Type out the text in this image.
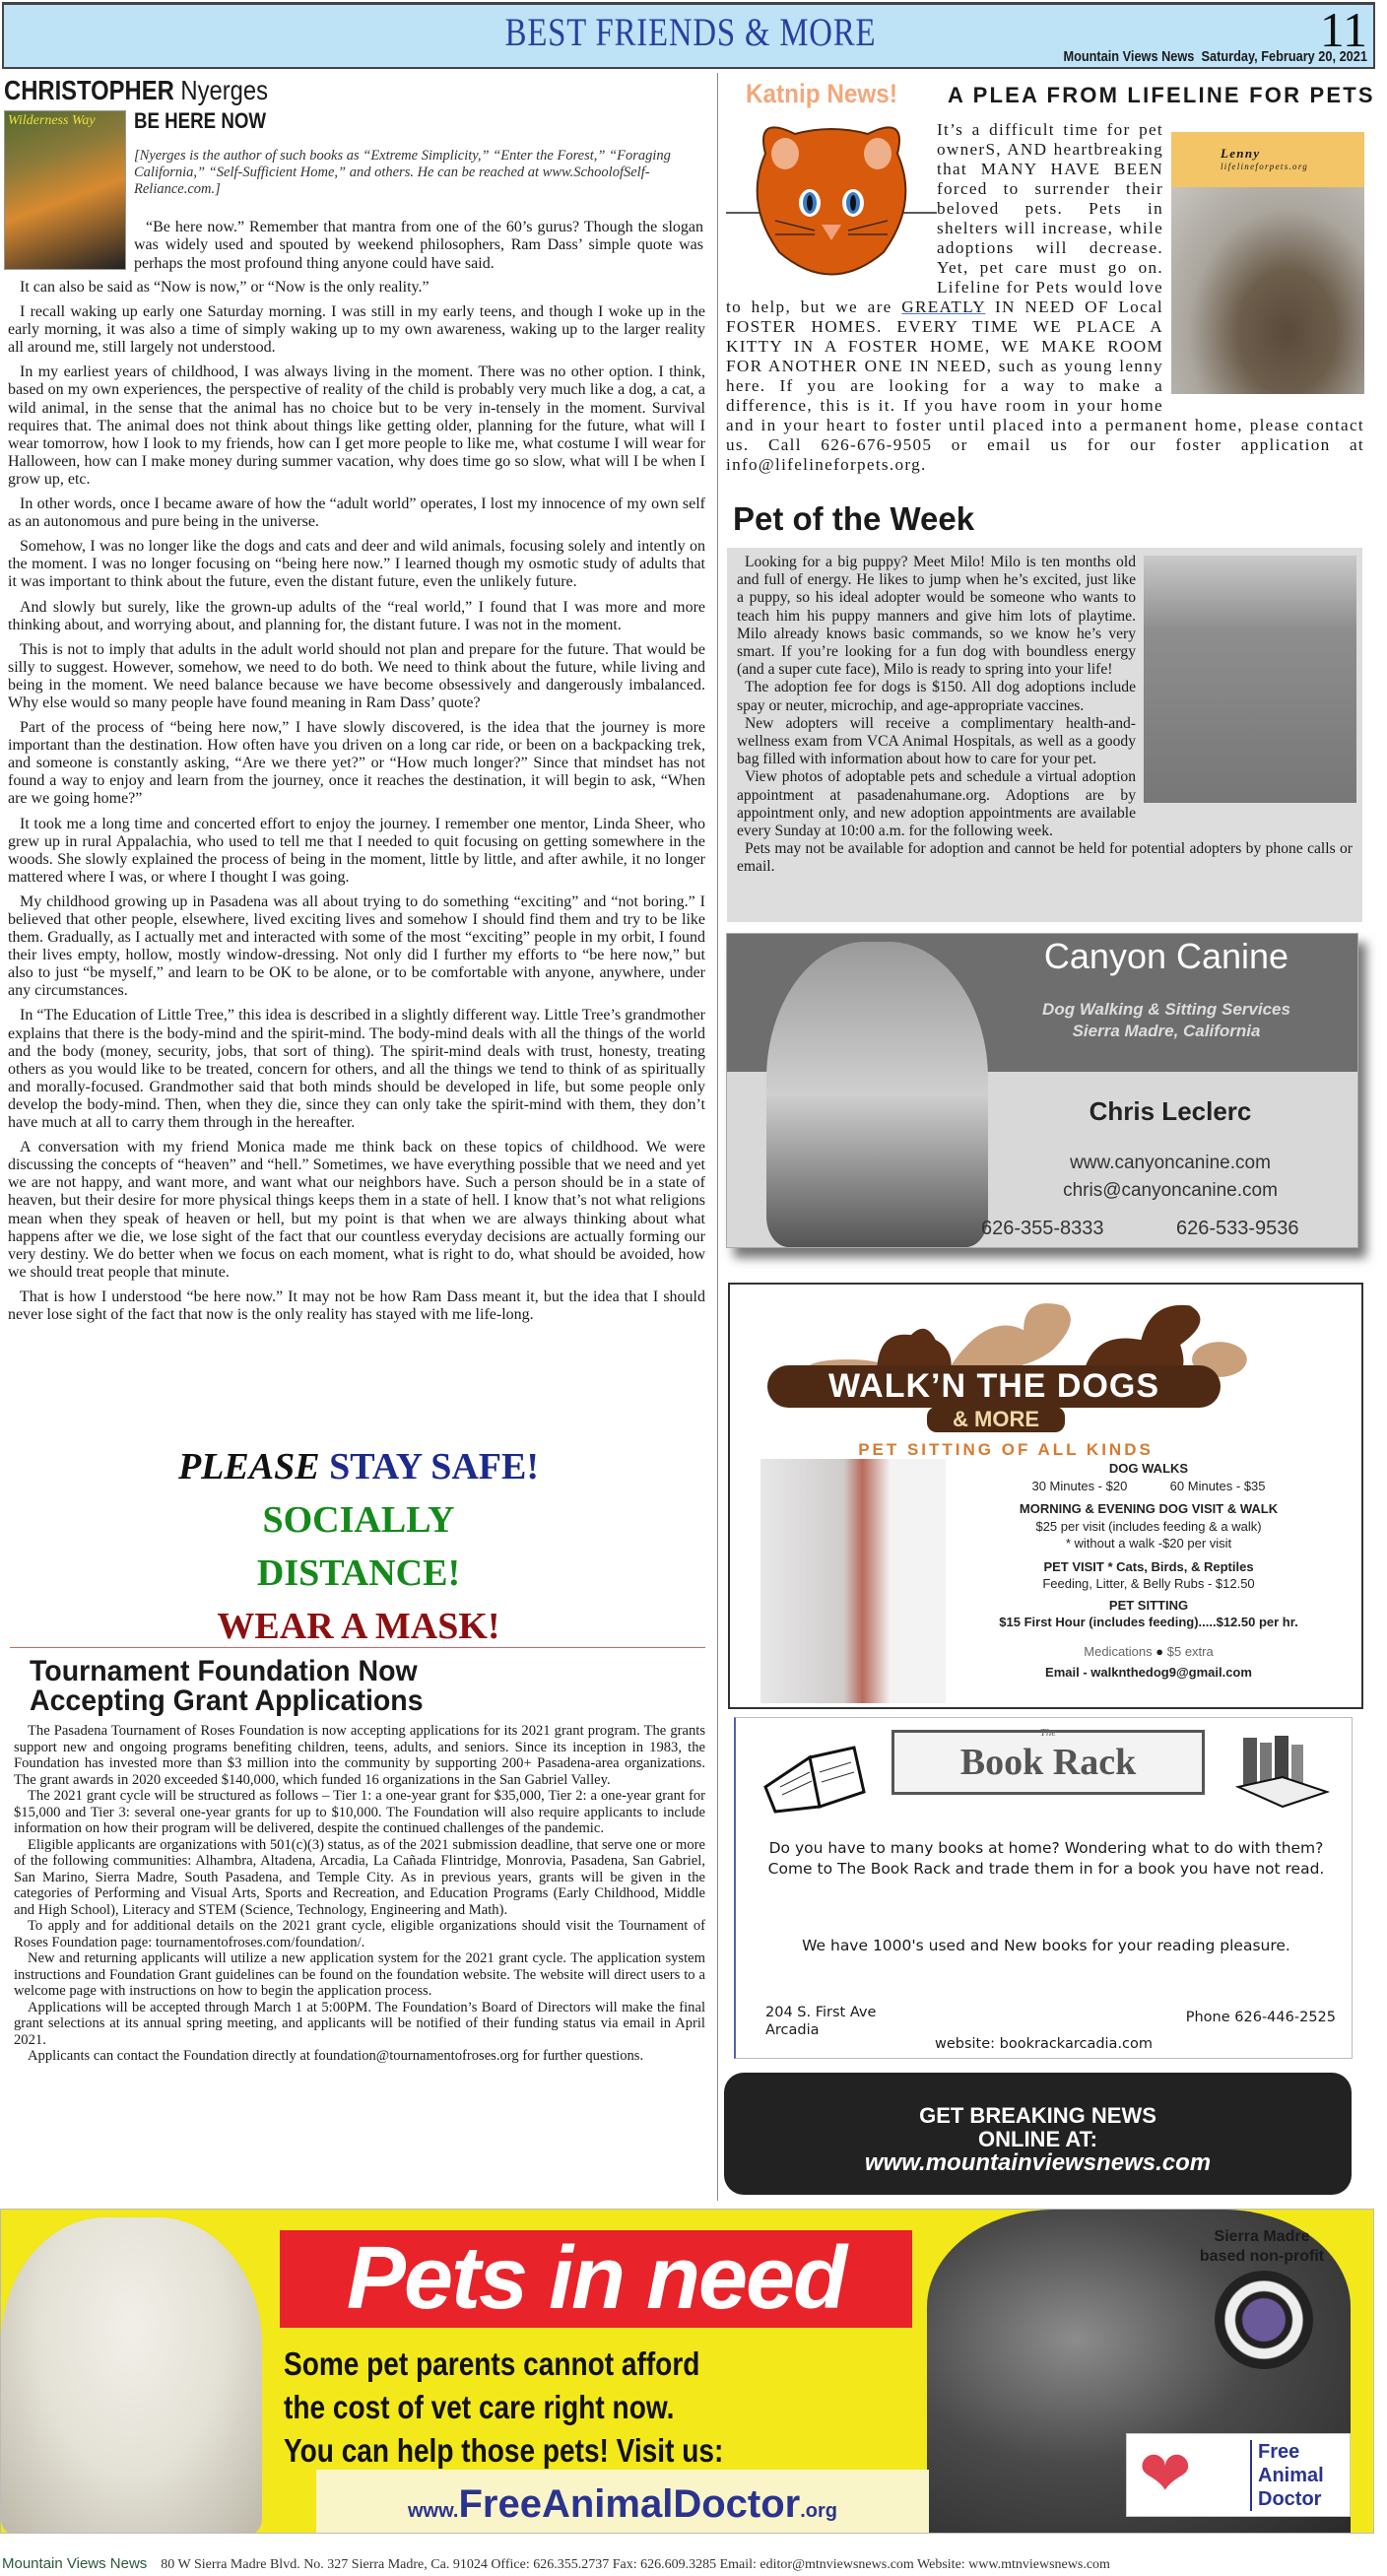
BEST FRIENDS & MORE	11
Mountain Views News Saturday, February 20, 2021
CHRISTOPHER Nyerges
Wilderness Way BE HERE NOW
[Nyerges is the author of such books as “Extreme Simplicity,” “Enter the Forest,” “Foraging California,” “Self-Sufficient Home,” and others. He can be reached at www.SchoolofSelf-Reliance.com.]
“Be here now.” Remember that mantra from one of the 60’s gurus? Though the slogan was widely used and spouted by weekend philosophers, Ram Dass’ simple quote was perhaps the most profound thing anyone could have said.

It can also be said as “Now is now,” or “Now is the only reality.”

I recall waking up early one Saturday morning. I was still in my early teens, and though I woke up in the early morning, it was also a time of simply waking up to my own awareness, waking up to the larger reality all around me, still largely not understood.

In my earliest years of childhood, I was always living in the moment. There was no other option. I think, based on my own experiences, the perspective of reality of the child is probably very much like a dog, a cat, a wild animal, in the sense that the animal has no choice but to be very in-tensely in the moment. Survival requires that. The animal does not think about things like getting older, planning for the future, what will I wear tomorrow, how I look to my friends, how can I get more people to like me, what costume I will wear for Halloween, how can I make money during summer vacation, why does time go so slow, what will I be when I grow up, etc.

In other words, once I became aware of how the “adult world” operates, I lost my innocence of my own self as an autonomous and pure being in the universe.

Somehow, I was no longer like the dogs and cats and deer and wild animals, focusing solely and intently on the moment. I was no longer focusing on “being here now.” I learned though my osmotic study of adults that it was important to think about the future, even the distant future, even the unlikely future.

And slowly but surely, like the grown-up adults of the “real world,” I found that I was more and more thinking about, and worrying about, and planning for, the distant future. I was not in the moment.

This is not to imply that adults in the adult world should not plan and prepare for the future. That would be silly to suggest. However, somehow, we need to do both. We need to think about the future, while living and being in the moment. We need balance because we have become obsessively and dangerously imbalanced. Why else would so many people have found meaning in Ram Dass’ quote?

Part of the process of “being here now,” I have slowly discovered, is the idea that the journey is more important than the destination. How often have you driven on a long car ride, or been on a backpacking trek, and someone is constantly asking, “Are we there yet?” or “How much longer?” Since that mindset has not found a way to enjoy and learn from the journey, once it reaches the destination, it will begin to ask, “When are we going home?”

It took me a long time and concerted effort to enjoy the journey. I remember one mentor, Linda Sheer, who grew up in rural Appalachia, who used to tell me that I needed to quit focusing on getting somewhere in the woods. She slowly explained the process of being in the moment, little by little, and after awhile, it no longer mattered where I was, or where I thought I was going.

My childhood growing up in Pasadena was all about trying to do something “exciting” and “not boring.” I believed that other people, elsewhere, lived exciting lives and somehow I should find them and try to be like them. Gradually, as I actually met and interacted with some of the most “exciting” people in my orbit, I found their lives empty, hollow, mostly window-dressing. Not only did I further my efforts to “be here now,” but also to just “be myself,” and learn to be OK to be alone, or to be comfortable with anyone, anywhere, under any circumstances.

In “The Education of Little Tree,” this idea is described in a slightly different way. Little Tree’s grandmother explains that there is the body-mind and the spirit-mind. The body-mind deals with all the things of the world and the body (money, security, jobs, that sort of thing). The spirit-mind deals with trust, honesty, treating others as you would like to be treated, concern for others, and all the things we tend to think of as spiritually and morally-focused. Grandmother said that both minds should be developed in life, but some people only develop the body-mind. Then, when they die, since they can only take the spirit-mind with them, they don’t have much at all to carry them through in the hereafter.

A conversation with my friend Monica made me think back on these topics of childhood. We were discussing the concepts of “heaven” and “hell.” Sometimes, we have everything possible that we need and yet we are not happy, and want more, and want what our neighbors have. Such a person should be in a state of heaven, but their desire for more physical things keeps them in a state of hell. I know that’s not what religions mean when they speak of heaven or hell, but my point is that when we are always thinking about what happens after we die, we lose sight of the fact that our countless everyday decisions are actually forming our very destiny. We do better when we focus on each moment, what is right to do, what should be avoided, how we should treat people that minute.

That is how I understood “be here now.” It may not be how Ram Dass meant it, but the idea that I should never lose sight of the fact that now is the only reality has stayed with me life-long.

PLEASE STAY SAFE!
SOCIALLY
DISTANCE!
WEAR A MASK!
Tournament Foundation Now
Accepting Grant Applications

The Pasadena Tournament of Roses Foundation is now accepting applications for its 2021 grant program. The grants support new and ongoing programs benefiting children, teens, adults, and seniors. Since its inception in 1983, the Foundation has invested more than $3 million into the community by supporting 200+ Pasadena-area organizations. The grant awards in 2020 exceeded $140,000, which funded 16 organizations in the San Gabriel Valley.

The 2021 grant cycle will be structured as follows – Tier 1: a one-year grant for $35,000, Tier 2: a one-year grant for $15,000 and Tier 3: several one-year grants for up to $10,000. The Foundation will also require applicants to include information on how their program will be delivered, despite the continued challenges of the pandemic.

Eligible applicants are organizations with 501(c)(3) status, as of the 2021 submission deadline, that serve one or more of the following communities: Alhambra, Altadena, Arcadia, La Cañada Flintridge, Monrovia, Pasadena, San Gabriel, San Marino, Sierra Madre, South Pasadena, and Temple City. As in previous years, grants will be given in the categories of Performing and Visual Arts, Sports and Recreation, and Education Programs (Early Childhood, Middle and High School), Literacy and STEM (Science, Technology, Engineering and Math).

To apply and for additional details on the 2021 grant cycle, eligible organizations should visit the Tournament of Roses Foundation page: tournamentofroses.com/foundation/.

New and returning applicants will utilize a new application system for the 2021 grant cycle. The application system instructions and Foundation Grant guidelines can be found on the foundation website. The website will direct users to a welcome page with instructions on how to begin the application process.

Applications will be accepted through March 1 at 5:00PM. The Foundation’s Board of Directors will make the final grant selections at its annual spring meeting, and applicants will be notified of their funding status via email in April 2021.

Applicants can contact the Foundation directly at foundation@tournamentofroses.org for further questions.

Katnip News! A PLEA FROM LIFELINE FOR PETS
Lenny
lifelineforpets.org
It’s a difficult time for pet ownerS, AND heartbreaking that MANY HAVE BEEN forced to surrender their beloved pets. Pets in shelters will increase, while adoptions will decrease. Yet, pet care must go on. Lifeline for Pets would love to help, but we are GREATLY IN NEED OF Local FOSTER HOMES. EVERY TIME WE PLACE A KITTY IN A FOSTER HOME, WE MAKE ROOM FOR ANOTHER ONE IN NEED, such as young lenny here. If you are looking for a way to make a difference, this is it. If you have room in your home and in your heart to foster until placed into a permanent home, please contact us. Call 626-676-9505 or email us for our foster application at info@lifelineforpets.org.
Pet of the Week

Looking for a big puppy? Meet Milo! Milo is ten months old and full of energy. He likes to jump when he’s excited, just like a puppy, so his ideal adopter would be someone who wants to teach him his puppy manners and give him lots of playtime. Milo already knows basic commands, so we know he’s very smart. If you’re looking for a fun dog with boundless energy (and a super cute face), Milo is ready to spring into your life!

The adoption fee for dogs is $150. All dog adoptions include spay or neuter, microchip, and age-appropriate vaccines.

New adopters will receive a complimentary health-and-wellness exam from VCA Animal Hospitals, as well as a goody bag filled with information about how to care for your pet.

View photos of adoptable pets and schedule a virtual adoption appointment at pasadenahumane.org. Adoptions are by appointment only, and new adoption appointments are available every Sunday at 10:00 a.m. for the following week.

Pets may not be available for adoption and cannot be held for potential adopters by phone calls or email.

Canyon Canine
Dog Walking & Sitting Services
Sierra Madre, California
Chris Leclerc
www.canyoncanine.com
chris@canyoncanine.com
626-355-8333	626-533-9536
WALK’N THE DOGS
& MORE
PET SITTING OF ALL KINDS
DOG WALKS
30 Minutes - $20	60 Minutes - $35
MORNING & EVENING DOG VISIT & WALK
$25 per visit (includes feeding & a walk)
* without a walk -$20 per visit
PET VISIT * Cats, Birds, & Reptiles
Feeding, Litter, & Belly Rubs - $12.50
PET SITTING
$15 First Hour (includes feeding).....$12.50 per hr.
Medications ● $5 extra
Email - walknthedog9@gmail.com
The
Book Rack
Do you have to many books at home? Wondering what to do with them? Come to The Book Rack and trade them in for a book you have not read.
We have 1000's used and New books for your reading pleasure.
204 S. First Ave
Arcadia
Phone 626-446-2525
website: bookrackarcadia.com
GET BREAKING NEWS
ONLINE AT:
www.mountainviewsnews.com
Pets in need
Some pet parents cannot afford
the cost of vet care right now.
You can help those pets! Visit us:
www.FreeAnimalDoctor.org
Sierra Madre
based non-profit
❤	Free
Animal
Doctor
Mountain Views News 80 W Sierra Madre Blvd. No. 327 Sierra Madre, Ca. 91024 Office: 626.355.2737 Fax: 626.609.3285 Email: editor@mtnviewsnews.com Website: www.mtnviewsnews.com
